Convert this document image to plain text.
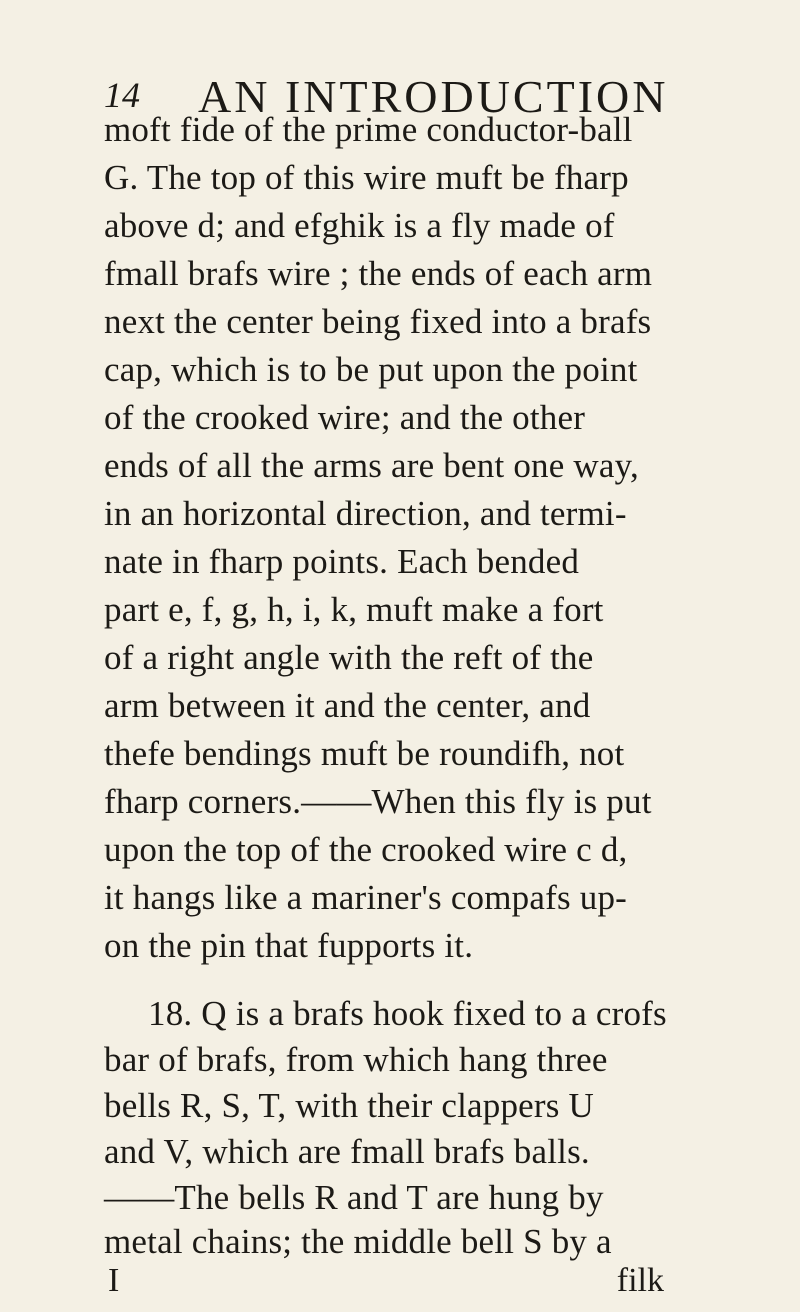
14 AN INTRODUCTION
moft fide of the prime conductor-ball
G. The top of this wire muft be fharp
above d; and efghik is a fly made of
fmall brafs wire ; the ends of each arm
next the center being fixed into a brafs
cap, which is to be put upon the point
of the crooked wire; and the other
ends of all the arms are bent one way,
in an horizontal direction, and termi-
nate in fharp points. Each bended
part e, f, g, h, i, k, muft make a fort
of a right angle with the reft of the
arm between it and the center, and
thefe bendings muft be roundifh, not
fharp corners.——When this fly is put
upon the top of the crooked wire c d,
it hangs like a mariner's compafs up-
on the pin that fupports it.
18. Q is a brafs hook fixed to a crofs
bar of brafs, from which hang three
bells R, S, T, with their clappers U
and V, which are fmall brafs balls.
——The bells R and T are hung by
I	filk
metal chains; the middle bell S by a
